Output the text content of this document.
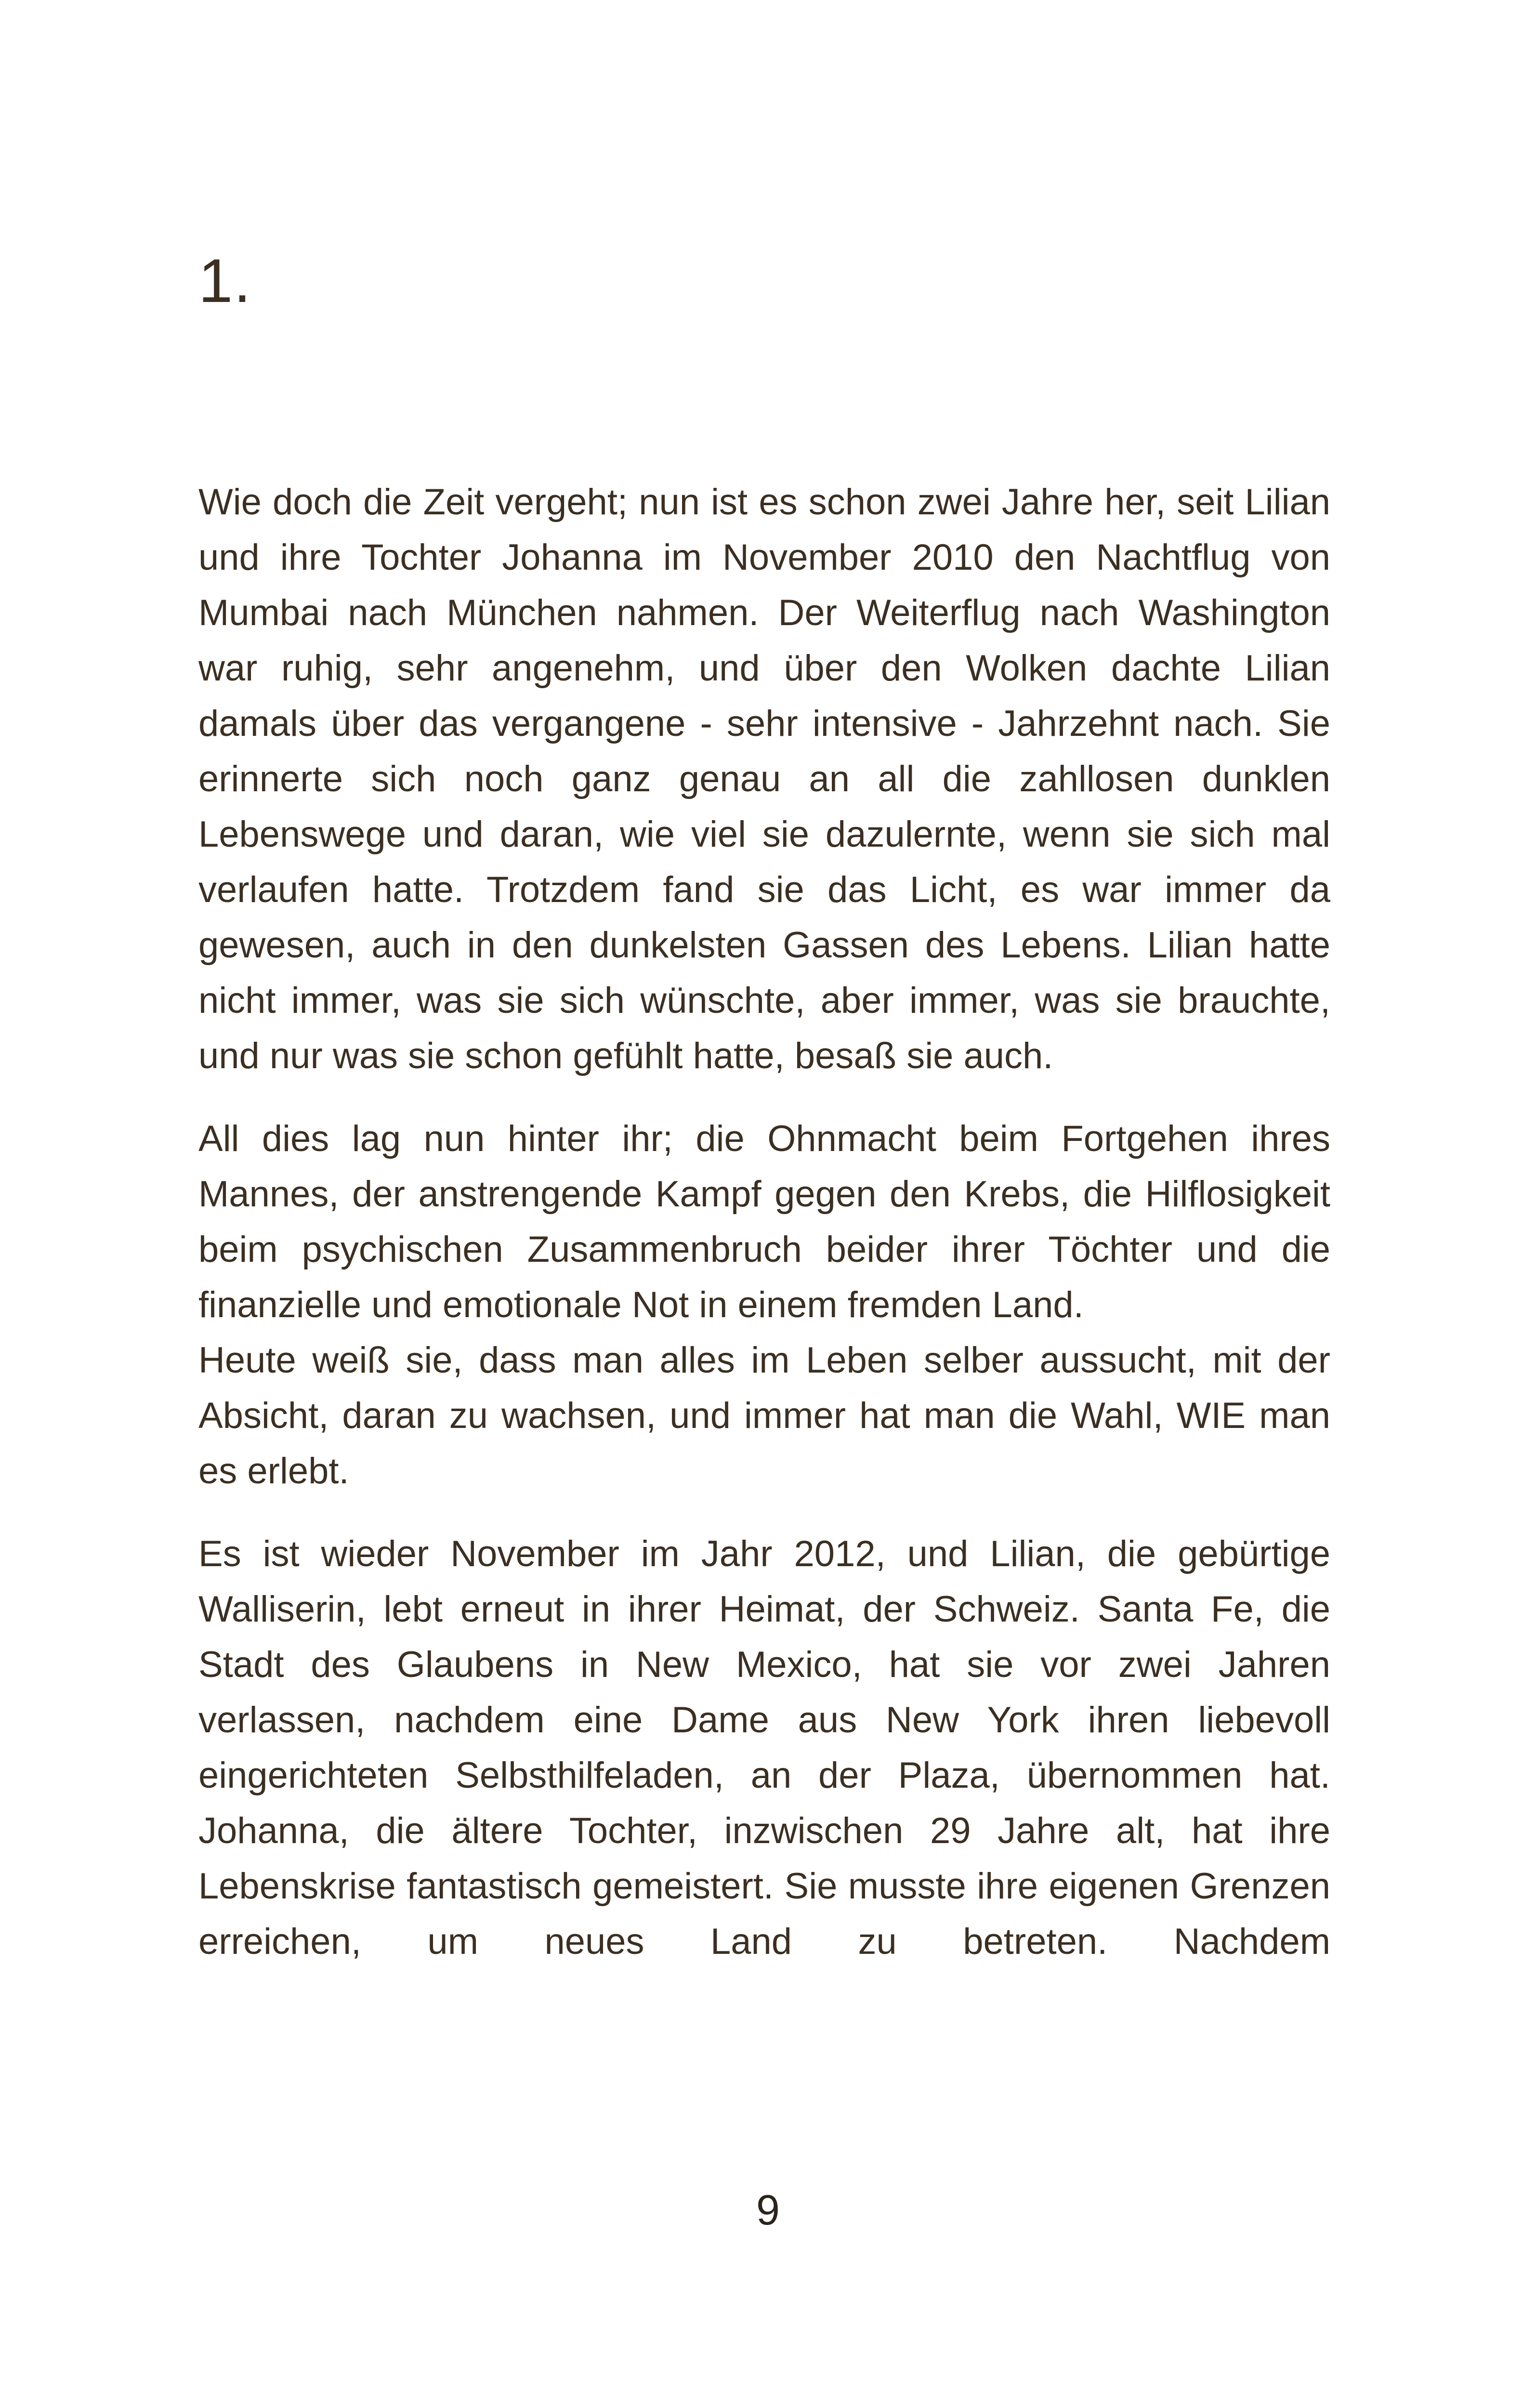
1.

Wie doch die Zeit vergeht; nun ist es schon zwei Jahre her, seit Lilian und ihre Tochter Johanna im November 2010 den Nachtflug von Mumbai nach München nahmen. Der Weiterflug nach Washington war ruhig, sehr angenehm, und über den Wolken dachte Lilian damals über das vergangene - sehr intensive - Jahrzehnt nach. Sie erinnerte sich noch ganz genau an all die zahllosen dunklen Lebenswege und daran, wie viel sie dazulernte, wenn sie sich mal verlaufen hatte. Trotzdem fand sie das Licht, es war immer da gewesen, auch in den dunkelsten Gassen des Lebens. Lilian hatte nicht immer, was sie sich wünschte, aber immer, was sie brauchte, und nur was sie schon gefühlt hatte, besaß sie auch.

All dies lag nun hinter ihr; die Ohnmacht beim Fortgehen ihres Mannes, der anstrengende Kampf gegen den Krebs, die Hilflosigkeit beim psychischen Zusammenbruch beider ihrer Töchter und die finanzielle und emotionale Not in einem fremden Land.

Heute weiß sie, dass man alles im Leben selber aussucht, mit der Absicht, daran zu wachsen, und immer hat man die Wahl, WIE man es erlebt.

Es ist wieder November im Jahr 2012, und Lilian, die gebürtige Walliserin, lebt erneut in ihrer Heimat, der Schweiz. Santa Fe, die Stadt des Glaubens in New Mexico, hat sie vor zwei Jahren verlassen, nachdem eine Dame aus New York ihren liebevoll eingerichteten Selbsthilfeladen, an der Plaza, übernommen hat. Johanna, die ältere Tochter, inzwischen 29 Jahre alt, hat ihre Lebenskrise fantastisch gemeistert. Sie musste ihre eigenen Grenzen erreichen, um neues Land zu betreten. Nachdem

9
